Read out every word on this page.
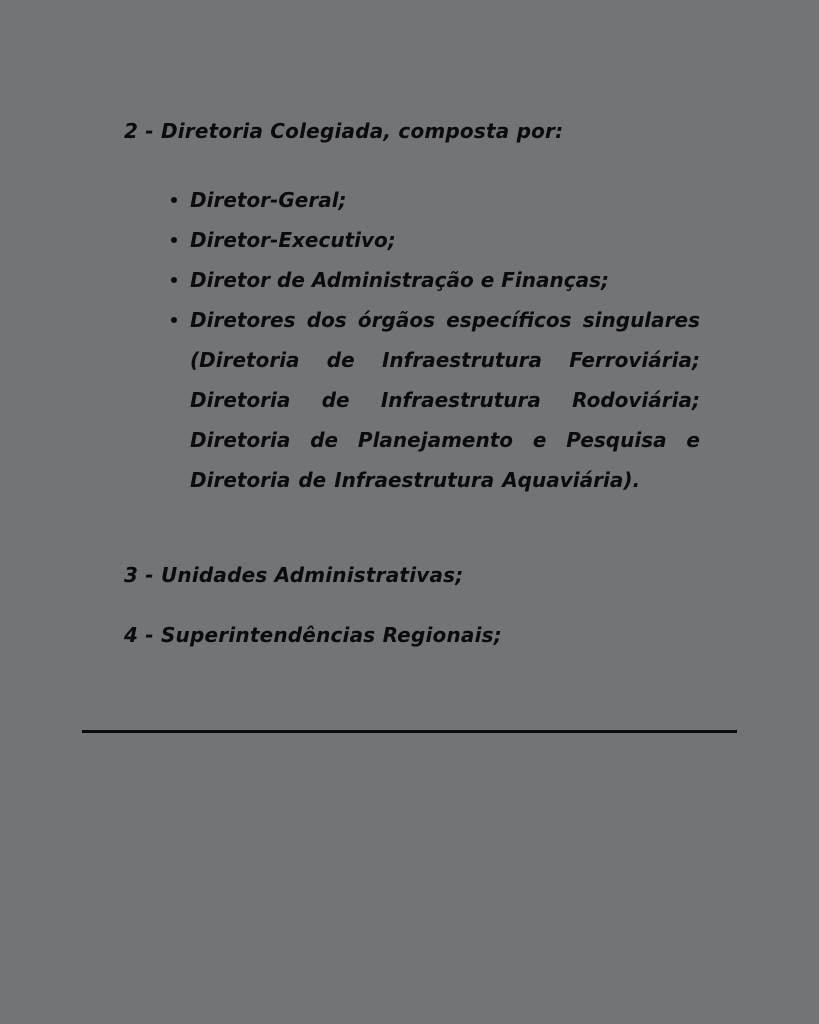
2 - Diretoria Colegiada, composta por:

Diretor-Geral;
Diretor-Executivo;
Diretor de Administração e Finanças;
Diretores dos órgãos específicos singulares (Diretoria de Infraestrutura Ferroviária; Diretoria de Infraestrutura Rodoviária; Diretoria de Planejamento e Pesquisa e Diretoria de Infraestrutura Aquaviária).

3 - Unidades Administrativas;

4 - Superintendências Regionais;
